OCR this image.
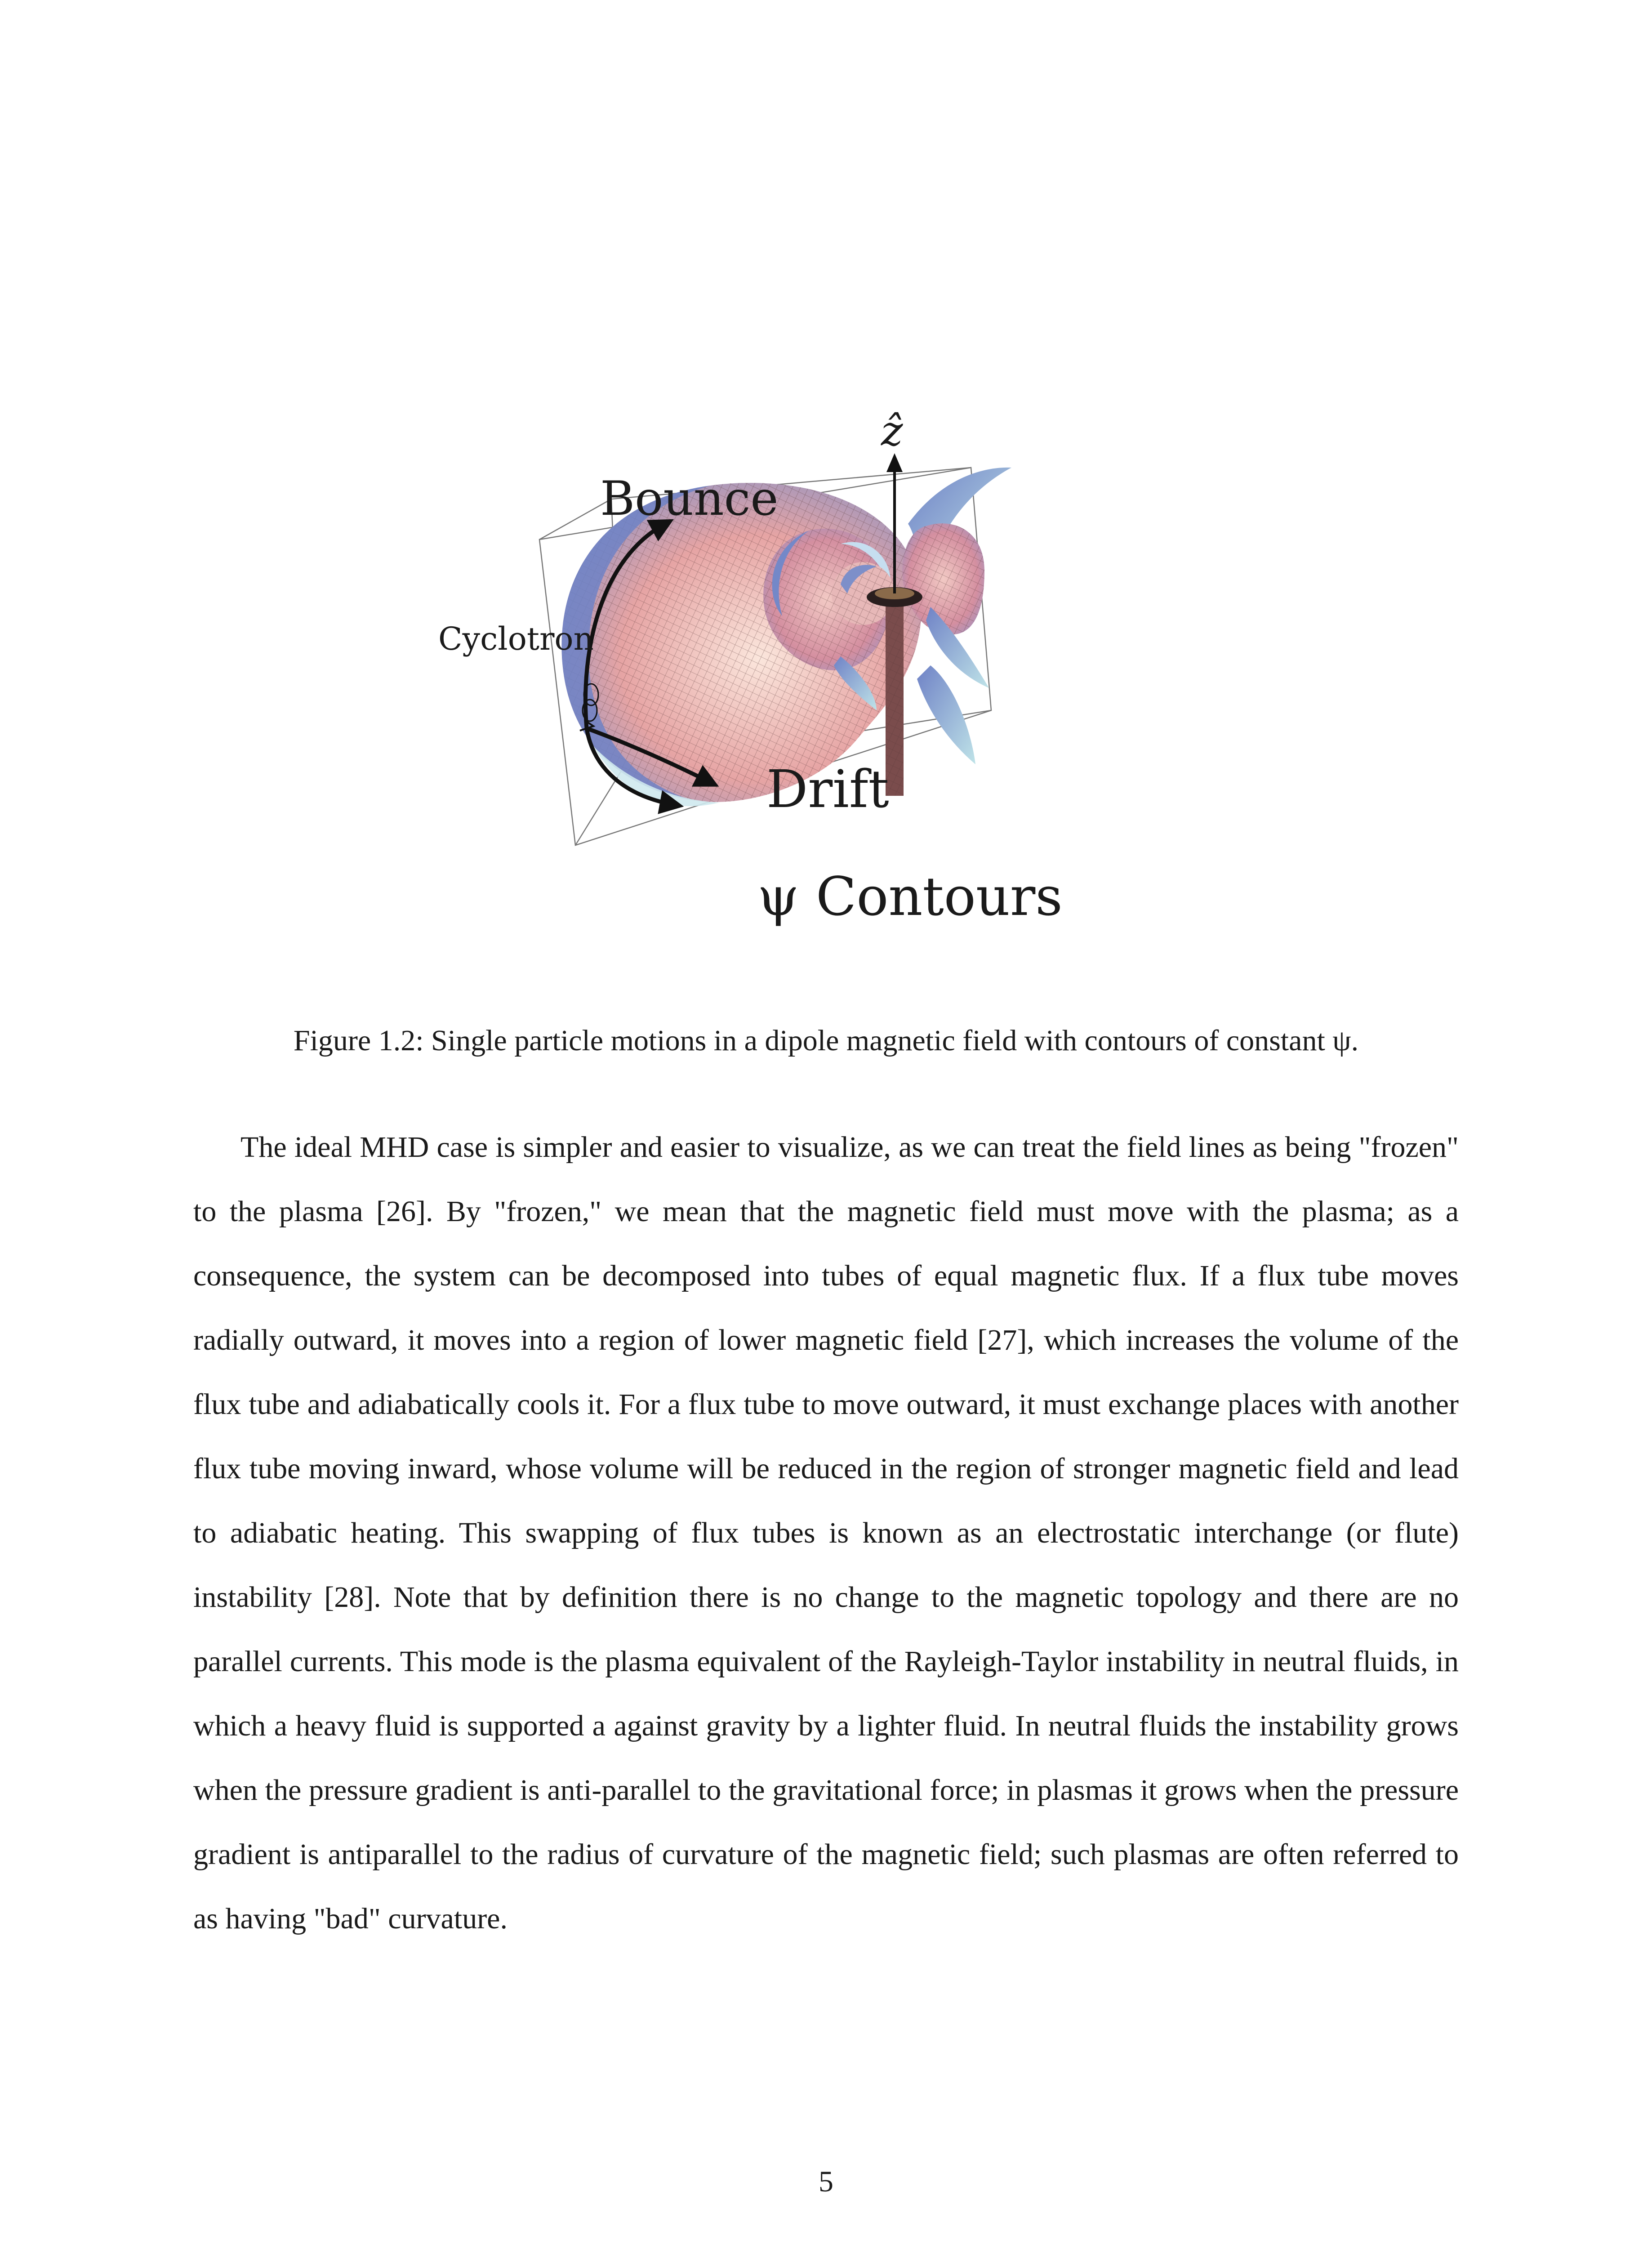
ẑ
Bounce
Cyclotron
Drift
ψ Contours
Figure 1.2: Single particle motions in a dipole magnetic field with contours of constant ψ.

The ideal MHD case is simpler and easier to visualize, as we can treat the field lines as being "frozen" to the plasma [26]. By "frozen," we mean that the magnetic field must move with the plasma; as a consequence, the system can be decomposed into tubes of equal magnetic flux. If a flux tube moves radially outward, it moves into a region of lower magnetic field [27], which increases the volume of the flux tube and adiabatically cools it. For a flux tube to move outward, it must exchange places with another flux tube moving inward, whose volume will be reduced in the region of stronger magnetic field and lead to adiabatic heating. This swapping of flux tubes is known as an electrostatic interchange (or flute) instability [28]. Note that by definition there is no change to the magnetic topology and there are no parallel currents. This mode is the plasma equivalent of the Rayleigh-Taylor instability in neutral fluids, in which a heavy fluid is supported a against gravity by a lighter fluid. In neutral fluids the instability grows when the pressure gradient is anti-parallel to the gravitational force; in plasmas it grows when the pressure gradient is antiparallel to the radius of curvature of the magnetic field; such plasmas are often referred to as having "bad" curvature.

5
